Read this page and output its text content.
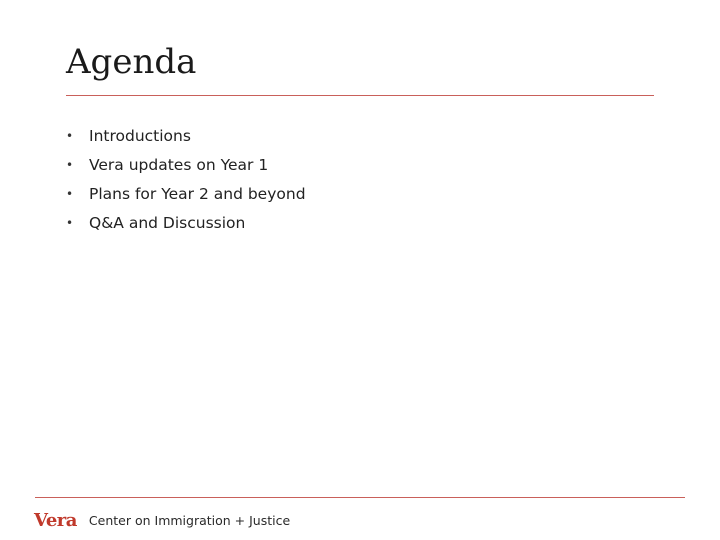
Agenda
• Introductions
• Vera updates on Year 1
• Plans for Year 2 and beyond
• Q&A and Discussion
Vera Center on Immigration + Justice
